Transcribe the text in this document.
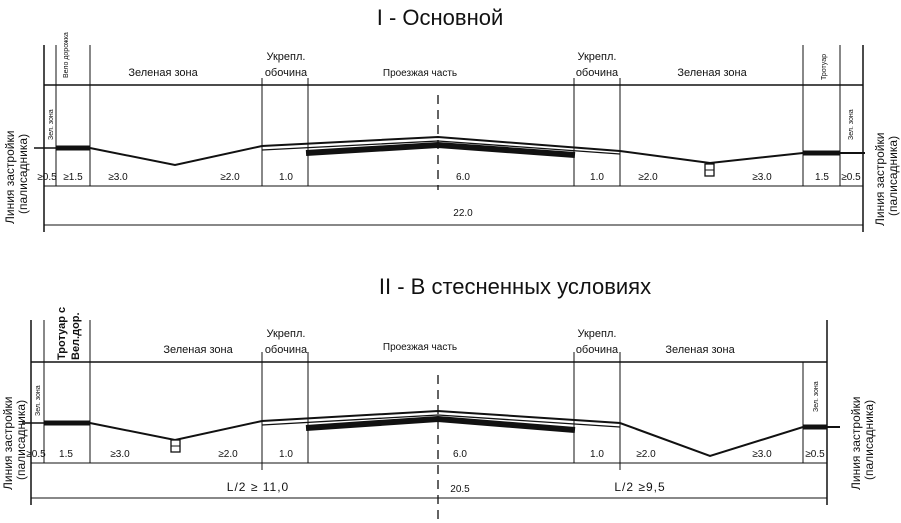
I - Основной
Вело дорожка	Зеленая зона
Укрепл.
обочина	Проезжая часть
Укрепл.
обочина	Зеленая зона	Тротуар
Зел. зона	Зел. зона
≥0.5 ≥1.5	≥3.0	≥2.0	1.0	6.0	1.0	≥2.0	≥3.0	1.5 ≥0.5
22.0
Линия застройки (палисадника)	Линия застройки (палисадника)
II - В стесненных условиях
Тротуар с Вел.дор.	Зеленая зона
Укрепл.
обочина	Проезжая часть
Укрепл.
обочина	Зеленая зона
Зел. зона	Зел. зона
≥0.5 1.5	≥3.0	≥2.0	1.0	6.0	1.0	≥2.0	≥3.0	≥0.5
L/2 ≥ 11,0	20.5	L/2 ≥9,5
Линия застройки (палисадника)	Линия застройки (палисадника)
